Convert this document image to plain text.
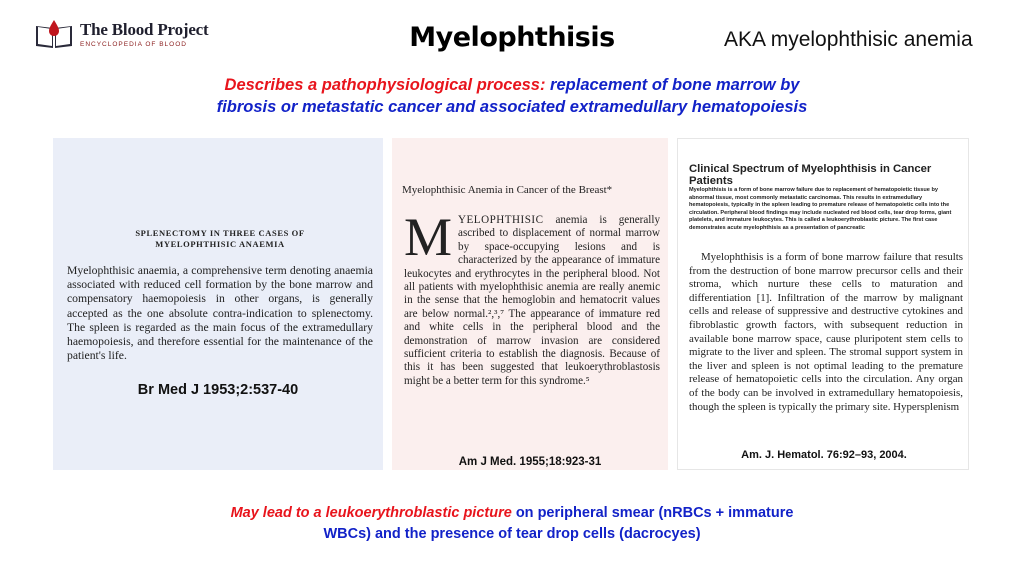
The Blood Project
ENCYCLOPEDIA OF BLOOD	Myelophthisis	AKA myelophthisic anemia
Describes a pathophysiological process: replacement of bone marrow by
fibrosis or metastatic cancer and associated extramedullary hematopoiesis
SPLENECTOMY IN THREE CASES OF
MYELOPHTHISIC ANAEMIA
Myelophthisic anaemia, a comprehensive term denoting anaemia associated with reduced cell formation by the bone marrow and compensatory haemopoiesis in other organs, is generally accepted as the one absolute contra-indication to splenectomy. The spleen is regarded as the main focus of the extramedullary haemopoiesis, and therefore essential for the maintenance of the patient's life.
Br Med J 1953;2:537-40
Myelophthisic Anemia in Cancer of the Breast*
MYELOPHTHISIC anemia is generally ascribed to displacement of normal marrow by space-occupying lesions and is characterized by the appearance of immature leukocytes and erythrocytes in the peripheral blood. Not all patients with myelophthisic anemia are really anemic in the sense that the hemoglobin and hematocrit values are below normal.²,³,⁷ The appearance of immature red and white cells in the peripheral blood and the demonstration of marrow invasion are considered sufficient criteria to establish the diagnosis. Because of this it has been suggested that leukoerythroblastosis might be a better term for this syndrome.⁵
Am J Med. 1955;18:923-31
Clinical Spectrum of Myelophthisis in Cancer Patients
Myelophthisis is a form of bone marrow failure due to replacement of hematopoietic tissue by abnormal tissue, most commonly metastatic carcinomas. This results in extramedullary hematopoiesis, typically in the spleen leading to premature release of hematopoietic cells into the circulation. Peripheral blood findings may include nucleated red blood cells, tear drop forms, giant platelets, and immature leukocytes. This is called a leukoerythroblastic picture. The first case demonstrates acute myelophthisis as a presentation of pancreatic
Myelophthisis is a form of bone marrow failure that results from the destruction of bone marrow precursor cells and their stroma, which nurture these cells to maturation and differentiation [1]. Infiltration of the marrow by malignant cells and release of suppressive and destructive cytokines and fibroblastic growth factors, with subsequent reduction in available bone marrow space, cause pluripotent stem cells to migrate to the liver and spleen. The stromal support system in the liver and spleen is not optimal leading to the premature release of hematopoietic cells into the circulation. Any organ of the body can be involved in extramedullary hematopoiesis, though the spleen is typically the primary site. Hypersplenism
Am. J. Hematol. 76:92–93, 2004.
May lead to a leukoerythroblastic picture on peripheral smear (nRBCs + immature
WBCs) and the presence of tear drop cells (dacrocyes)
